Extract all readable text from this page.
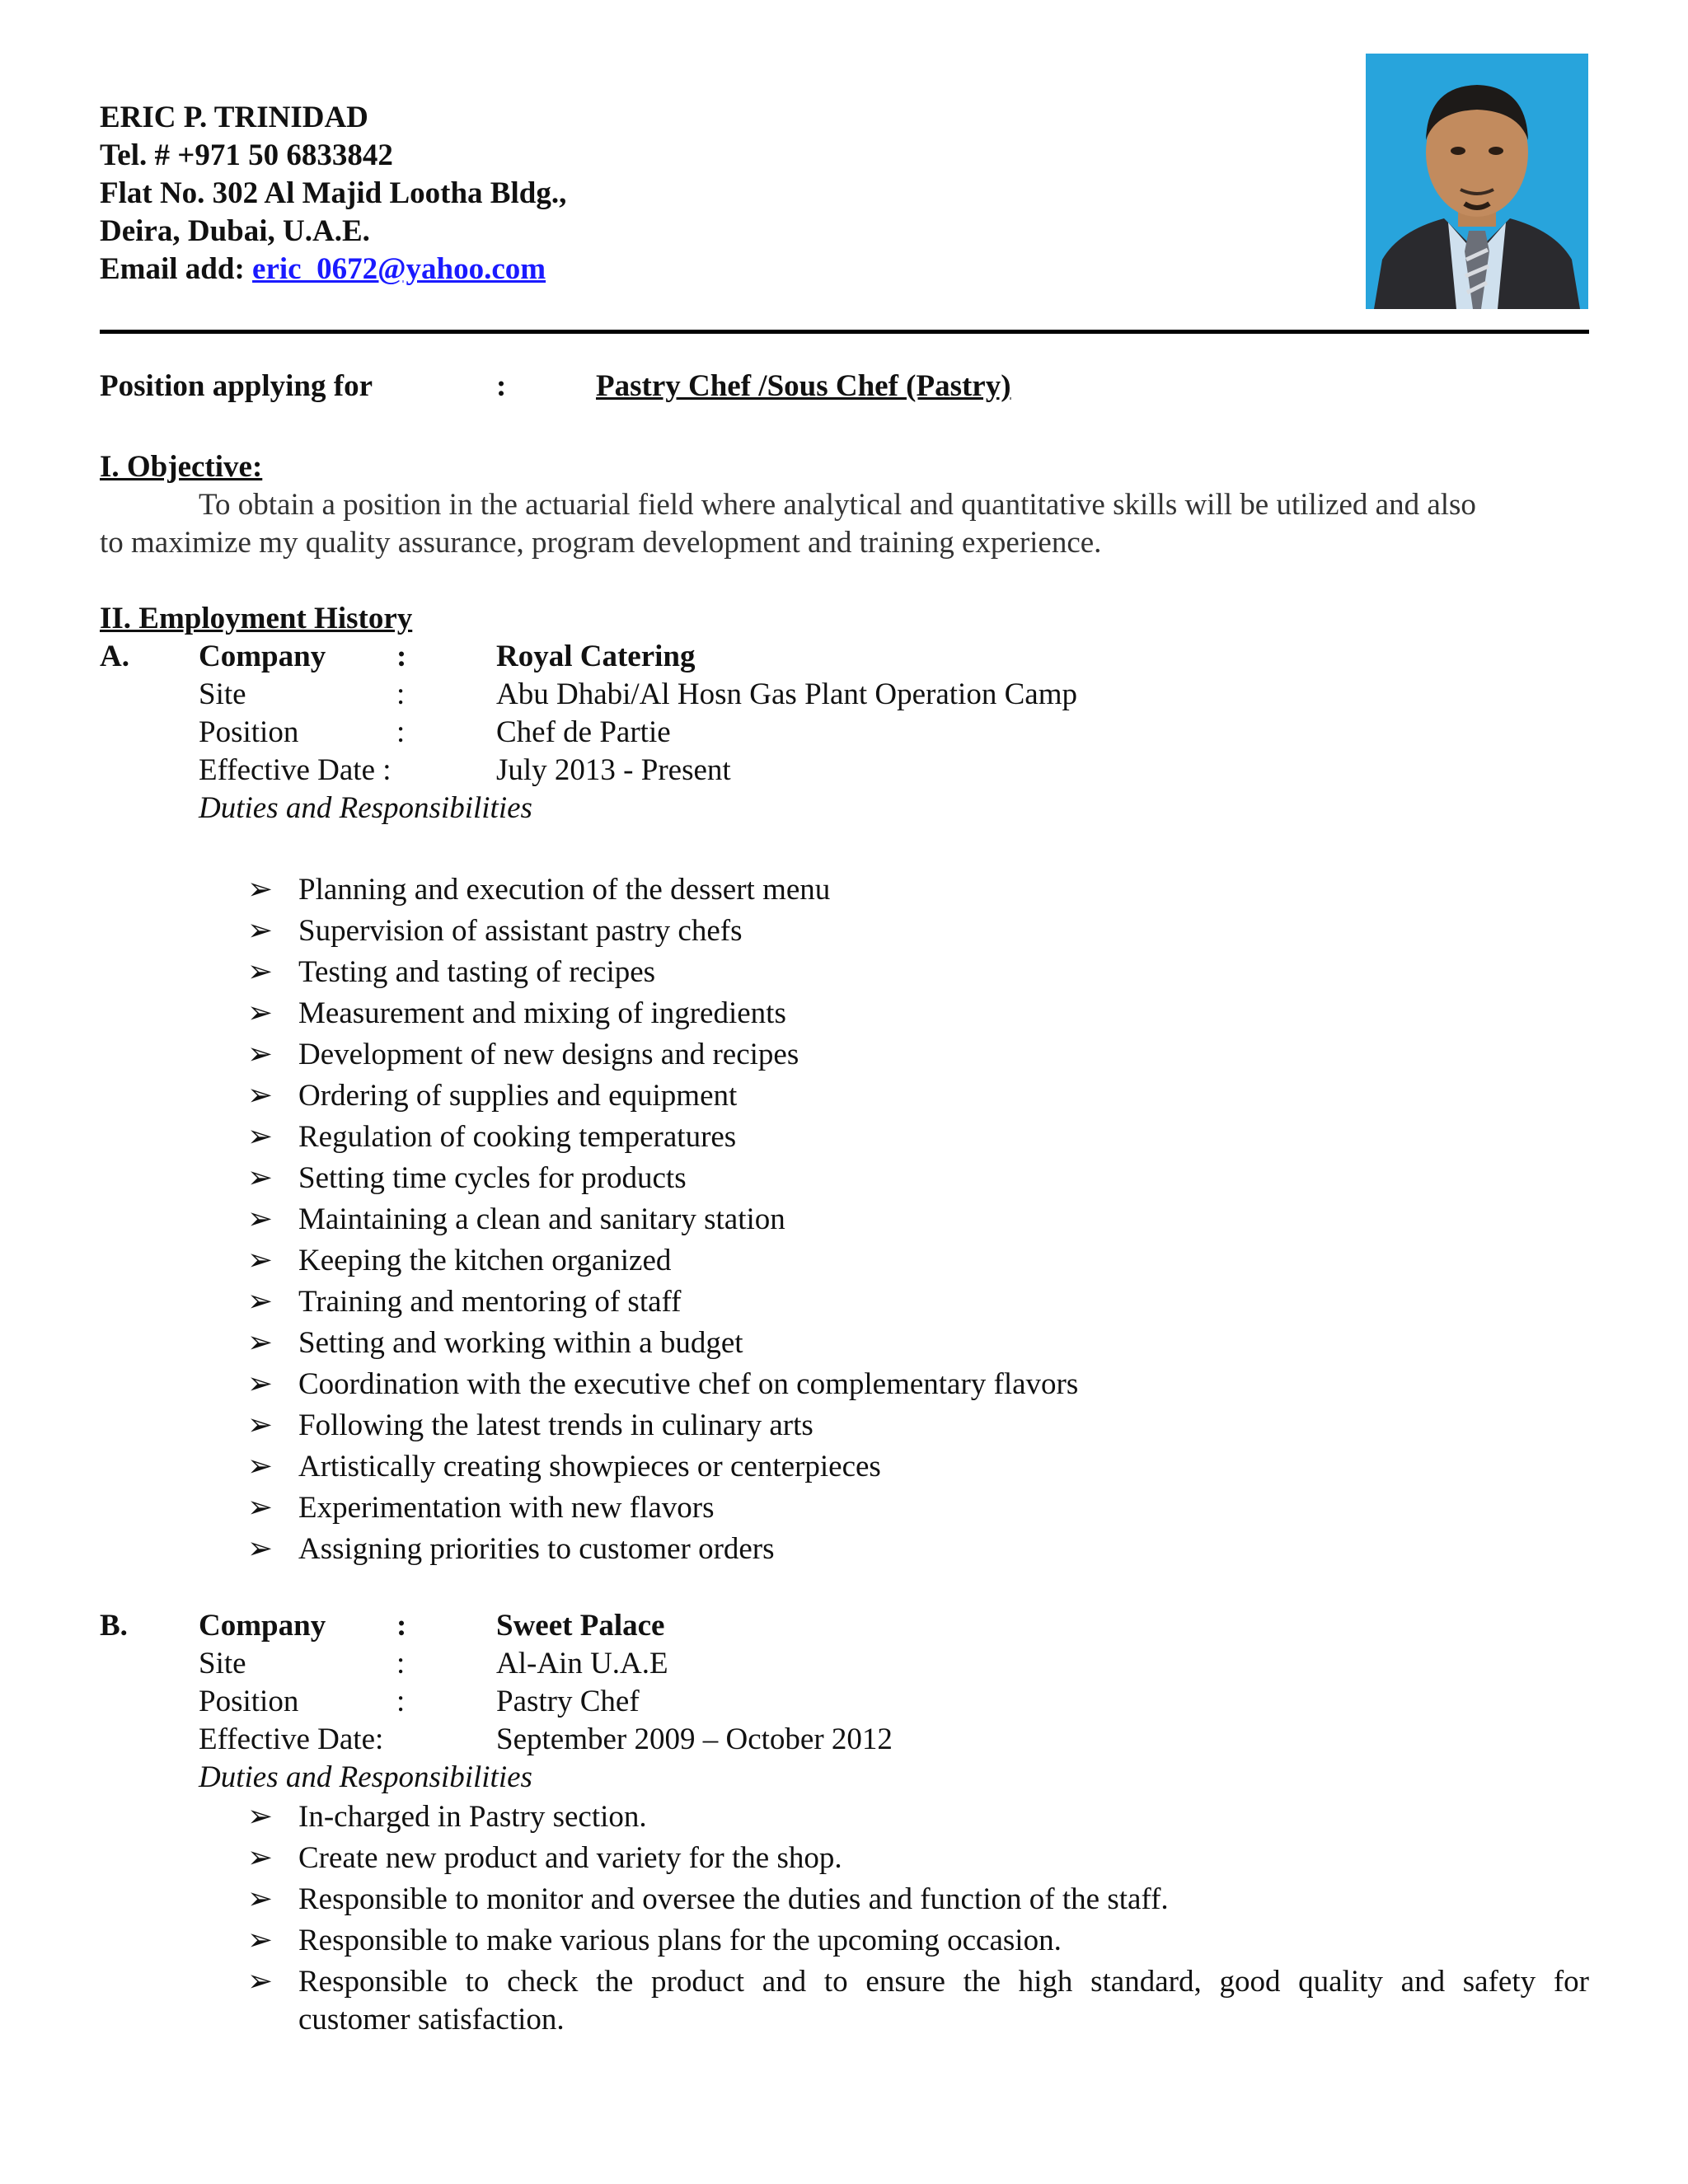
ERIC P. TRINIDAD
Tel. # +971 50 6833842
Flat No. 302 Al Majid Lootha Bldg.,
Deira, Dubai, U.A.E.
Email add: eric_0672@yahoo.com
Position applying for	:	Pastry Chef /Sous Chef (Pastry)
I. Objective:
To obtain a position in the actuarial field where analytical and quantitative skills will be utilized and also
to maximize my quality assurance, program development and training experience.
II. Employment History
A. Company :	Royal Catering
Site	:	Abu Dhabi/Al Hosn Gas Plant Operation Camp
Position	:	Chef de Partie
Effective Date :	July 2013 - Present
Duties and Responsibilities
➢ Planning and execution of the dessert menu
➢ Supervision of assistant pastry chefs
➢ Testing and tasting of recipes
➢ Measurement and mixing of ingredients
➢ Development of new designs and recipes
➢ Ordering of supplies and equipment
➢ Regulation of cooking temperatures
➢ Setting time cycles for products
➢ Maintaining a clean and sanitary station
➢ Keeping the kitchen organized
➢ Training and mentoring of staff
➢ Setting and working within a budget
➢ Coordination with the executive chef on complementary flavors
➢ Following the latest trends in culinary arts
➢ Artistically creating showpieces or centerpieces
➢ Experimentation with new flavors
➢ Assigning priorities to customer orders
B. Company :	Sweet Palace
Site	:	Al-Ain U.A.E
Position	:	Pastry Chef
Effective Date:	September 2009 – October 2012
Duties and Responsibilities
➢ In-charged in Pastry section.
➢ Create new product and variety for the shop.
➢ Responsible to monitor and oversee the duties and function of the staff.
➢ Responsible to make various plans for the upcoming occasion.
➢ Responsible to check the product and to ensure the high standard, good quality and safety for
customer satisfaction.
